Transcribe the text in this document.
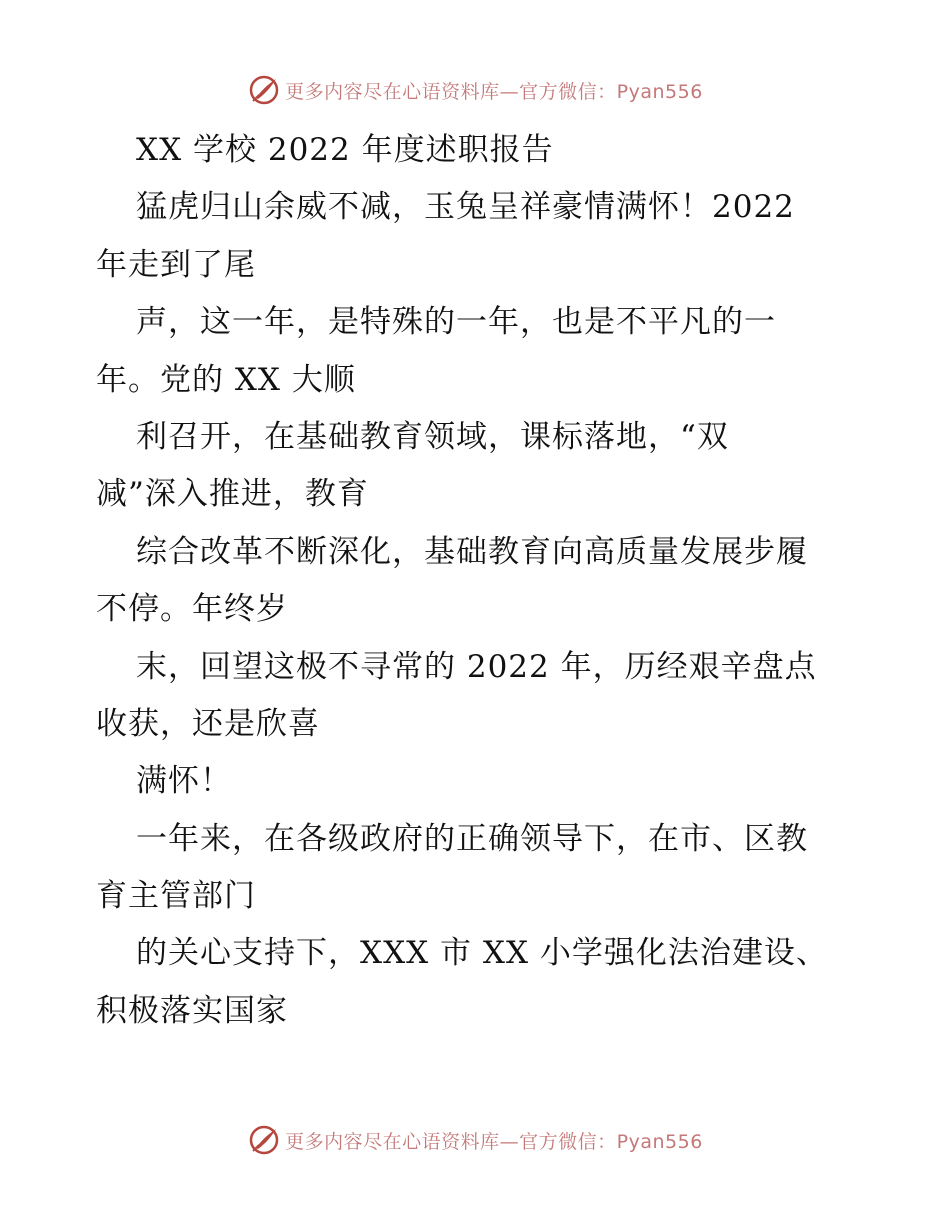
更多内容尽在心语资料库—官方微信：Pyan556
XX 学校 2022 年度述职报告
猛虎归山余威不减，玉兔呈祥豪情满怀！2022
年走到了尾
声，这一年，是特殊的一年，也是不平凡的一
年。党的 XX 大顺
利召开，在基础教育领域，课标落地，“双
减”深入推进，教育
综合改革不断深化，基础教育向高质量发展步履
不停。年终岁
末，回望这极不寻常的 2022 年，历经艰辛盘点
收获，还是欣喜
满怀！
一年来，在各级政府的正确领导下，在市、区教
育主管部门
的关心支持下，XXX 市 XX 小学强化法治建设、
积极落实国家
更多内容尽在心语资料库—官方微信：Pyan556
